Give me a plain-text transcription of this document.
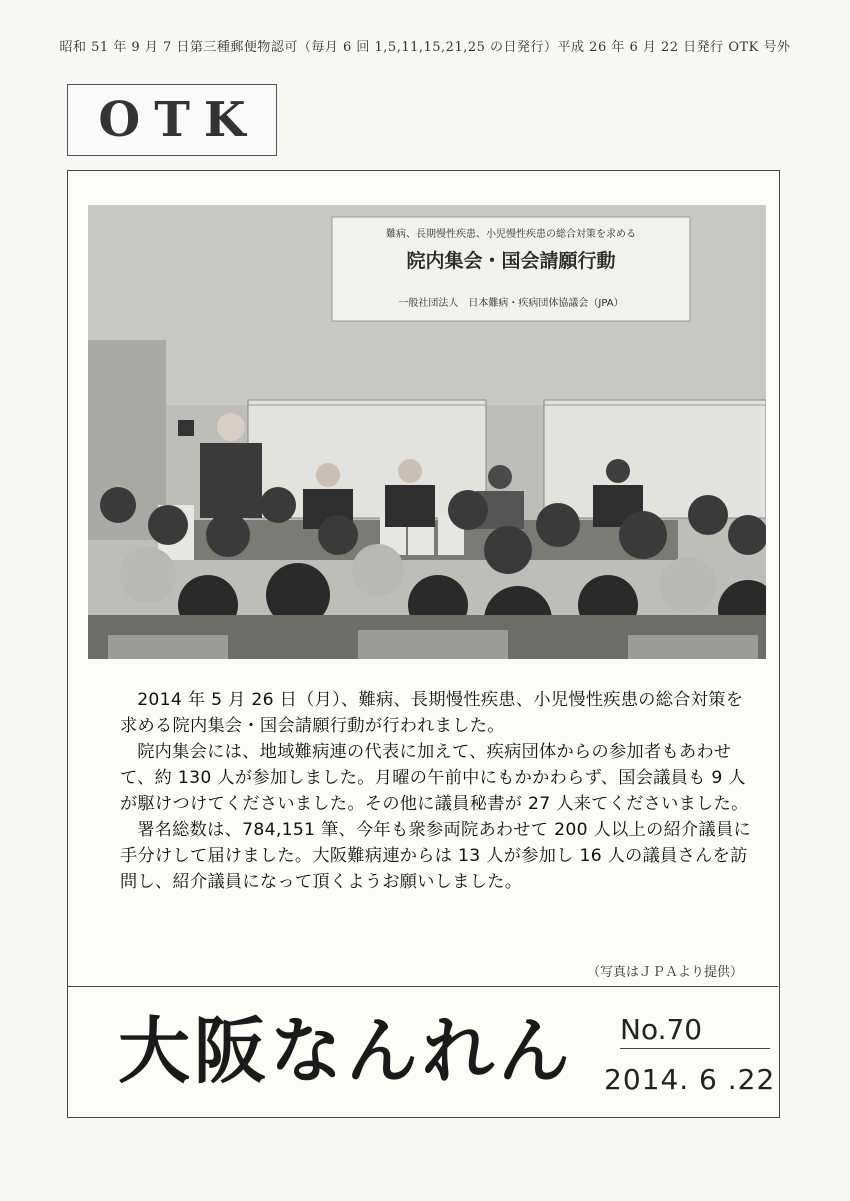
昭和 51 年 9 月 7 日第三種郵便物認可（毎月 6 回 1,5,11,15,21,25 の日発行）平成 26 年 6 月 22 日発行 OTK 号外
OTK
難病、長期慢性疾患、小児慢性疾患の総合対策を求める
院内集会・国会請願行動
一般社団法人　日本難病・疾病団体協議会（JPA）

2014 年 5 月 26 日（月）、難病、長期慢性疾患、小児慢性疾患の総合対策を求める院内集会・国会請願行動が行われました。

院内集会には、地域難病連の代表に加えて、疾病団体からの参加者もあわせて、約 130 人が参加しました。月曜の午前中にもかかわらず、国会議員も 9 人が駆けつけてくださいました。その他に議員秘書が 27 人来てくださいました。

署名総数は、784,151 筆、今年も衆参両院あわせて 200 人以上の紹介議員に手分けして届けました。大阪難病連からは 13 人が参加し 16 人の議員さんを訪問し、紹介議員になって頂くようお願いしました。

（写真はＪＰＡより提供）
大阪なんれん No.70
2014. 6 .22
